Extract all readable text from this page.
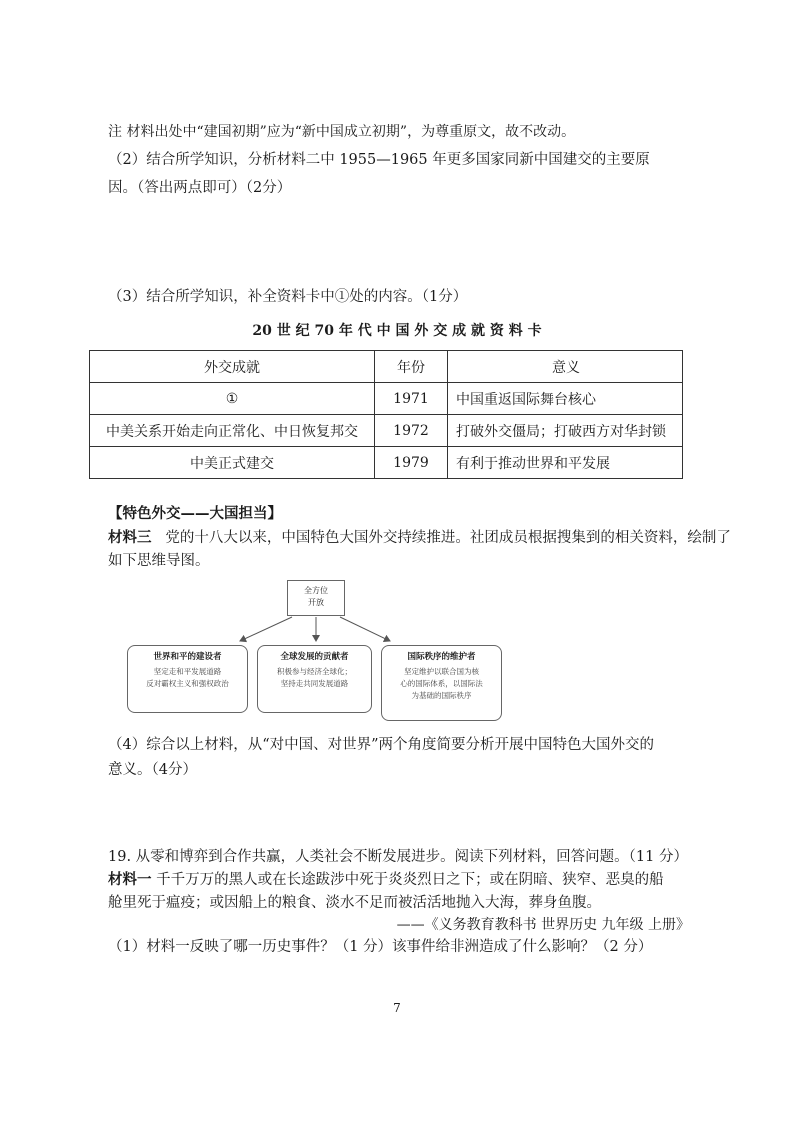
注 材料出处中“建国初期”应为“新中国成立初期”，为尊重原文，故不改动。

（2）结合所学知识，分析材料二中 1955—1965 年更多国家同新中国建交的主要原

因。（答出两点即可）（2分）

（3）结合所学知识，补全资料卡中①处的内容。（1分）

20 世 纪 70 年 代 中 国 外 交 成 就 资 料 卡

外交成就	年份	意义
①	1971	中国重返国际舞台核心
中美关系开始走向正常化、中日恢复邦交	1972	打破外交僵局；打破西方对华封锁
中美正式建交	1979	有利于推动世界和平发展

【特色外交——大国担当】

材料三 党的十八大以来，中国特色大国外交持续推进。社团成员根据搜集到的相关资料，绘制了

如下思维导图。

全方位
开放
世界和平的建设者
坚定走和平发展道路
反对霸权主义和强权政治
全球发展的贡献者
积极参与经济全球化；
坚持走共同发展道路
国际秩序的维护者
坚定维护以联合国为核
心的国际体系，以国际法
为基础的国际秩序

（4）综合以上材料，从“对中国、对世界”两个角度简要分析开展中国特色大国外交的

意义。（4分）

19. 从零和博弈到合作共赢，人类社会不断发展进步。阅读下列材料，回答问题。（11 分）

材料一 千千万万的黑人或在长途跋涉中死于炎炎烈日之下；或在阴暗、狭窄、恶臭的船

舱里死于瘟疫；或因船上的粮食、淡水不足而被活活地抛入大海，葬身鱼腹。

——《义务教育教科书 世界历史 九年级 上册》

（1）材料一反映了哪一历史事件？（1 分）该事件给非洲造成了什么影响？（2 分）

7
